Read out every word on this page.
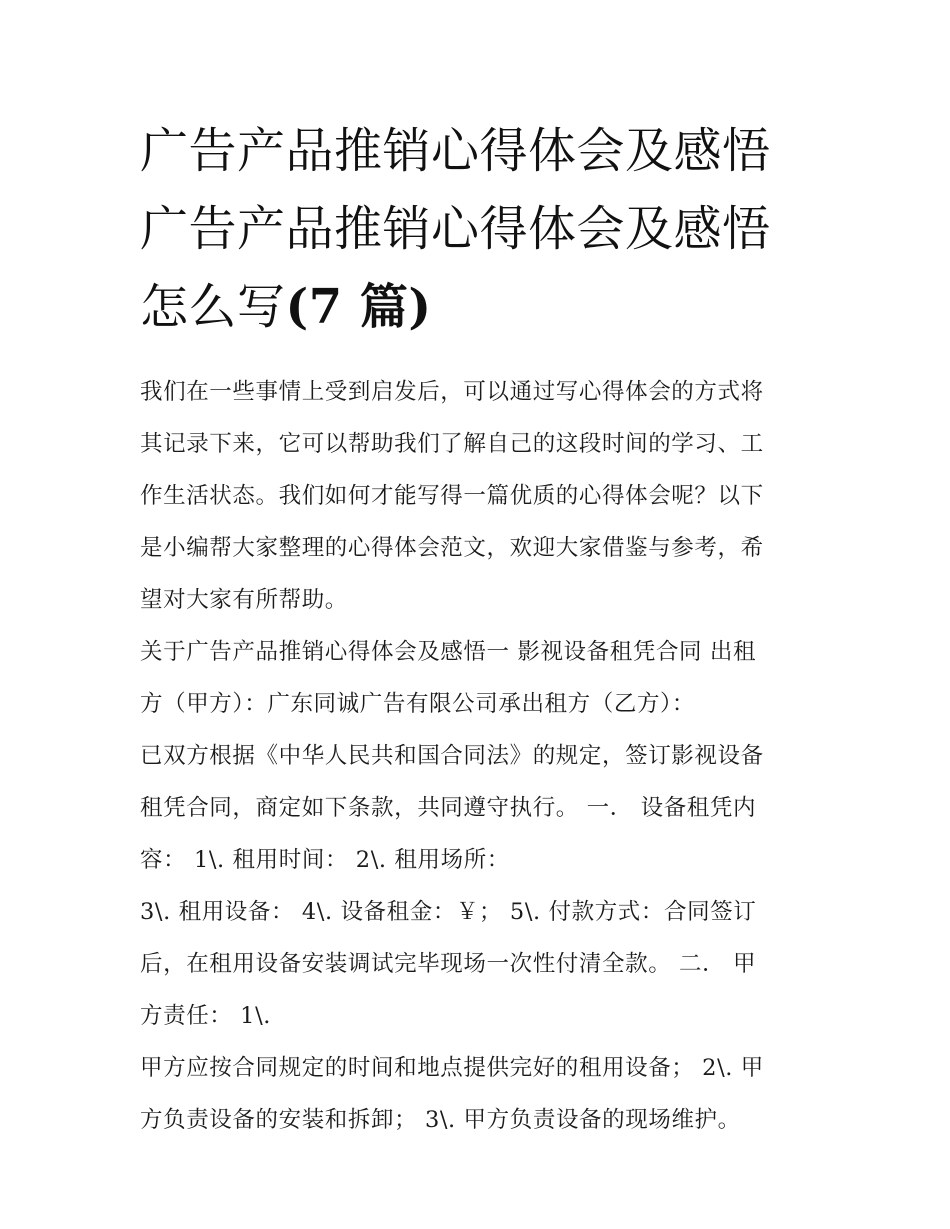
广告产品推销心得体会及感悟
广告产品推销心得体会及感悟
怎么写(7 篇)

我们在一些事情上受到启发后，可以通过写心得体会的方式将
其记录下来，它可以帮助我们了解自己的这段时间的学习、工
作生活状态。我们如何才能写得一篇优质的心得体会呢？以下
是小编帮大家整理的心得体会范文，欢迎大家借鉴与参考，希
望对大家有所帮助。

关于广告产品推销心得体会及感悟一 影视设备租凭合同 出租
方（甲方）：广东同诚广告有限公司承出租方（乙方）：

已双方根据《中华人民共和国合同法》的规定，签订影视设备
租凭合同，商定如下条款，共同遵守执行。 一． 设备租凭内
容： 1\. 租用时间： 2\. 租用场所：

3\. 租用设备： 4\. 设备租金：￥； 5\. 付款方式：合同签订
后，在租用设备安装调试完毕现场一次性付清全款。 二． 甲
方责任： 1\.

甲方应按合同规定的时间和地点提供完好的租用设备； 2\. 甲
方负责设备的安装和拆卸； 3\. 甲方负责设备的现场维护。
